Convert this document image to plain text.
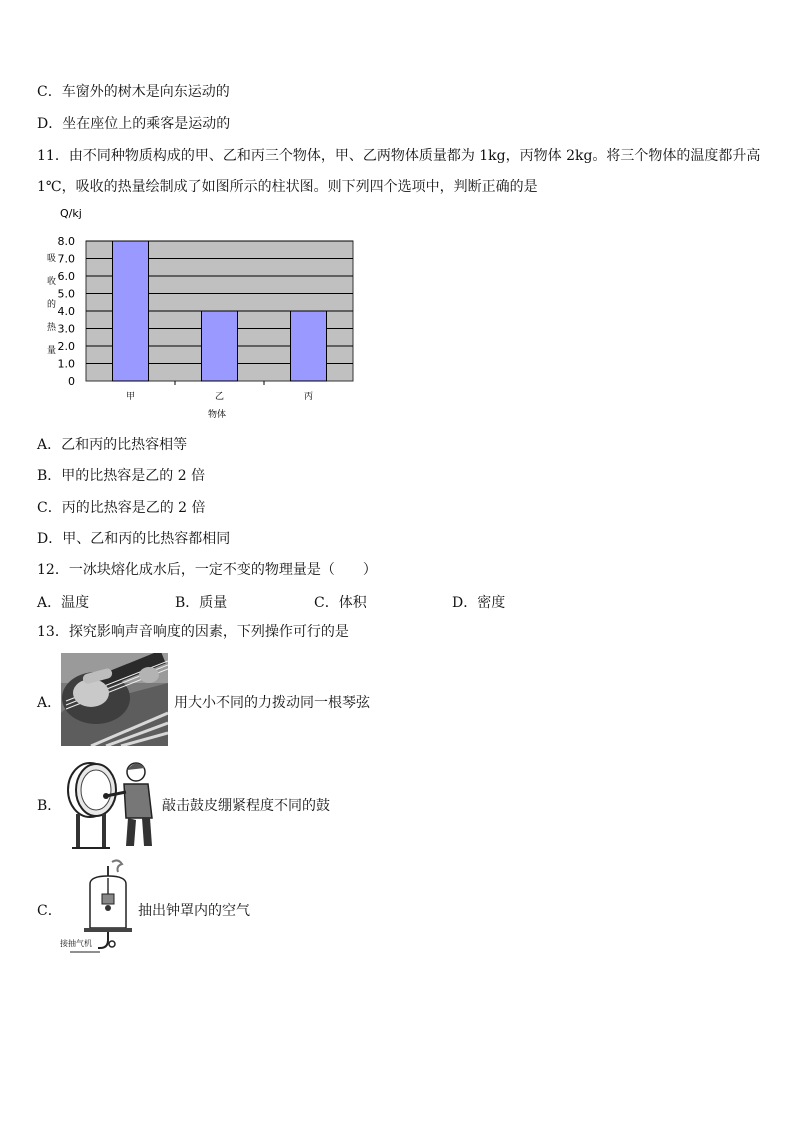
C．车窗外的树木是向东运动的
D．坐在座位上的乘客是运动的
11．由不同种物质构成的甲、乙和丙三个物体，甲、乙两物体质量都为 1kg，丙物体 2kg。将三个物体的温度都升高
1℃，吸收的热量绘制成了如图所示的柱状图。则下列四个选项中，判断正确的是
Q/kj
吸
收
的
热
量
0
1.0
2.0
3.0
4.0
5.0
6.0
7.0
8.0
甲	乙	丙
物体
A．乙和丙的比热容相等
B．甲的比热容是乙的 2 倍
C．丙的比热容是乙的 2 倍
D．甲、乙和丙的比热容都相同
12．一冰块熔化成水后，一定不变的物理量是（　　）
A．温度	B．质量	C．体积	D．密度
13．探究影响声音响度的因素，下列操作可行的是
A．	用大小不同的力拨动同一根琴弦
B．	敲击鼓皮绷紧程度不同的鼓
C．
接抽气机
抽出钟罩内的空气
